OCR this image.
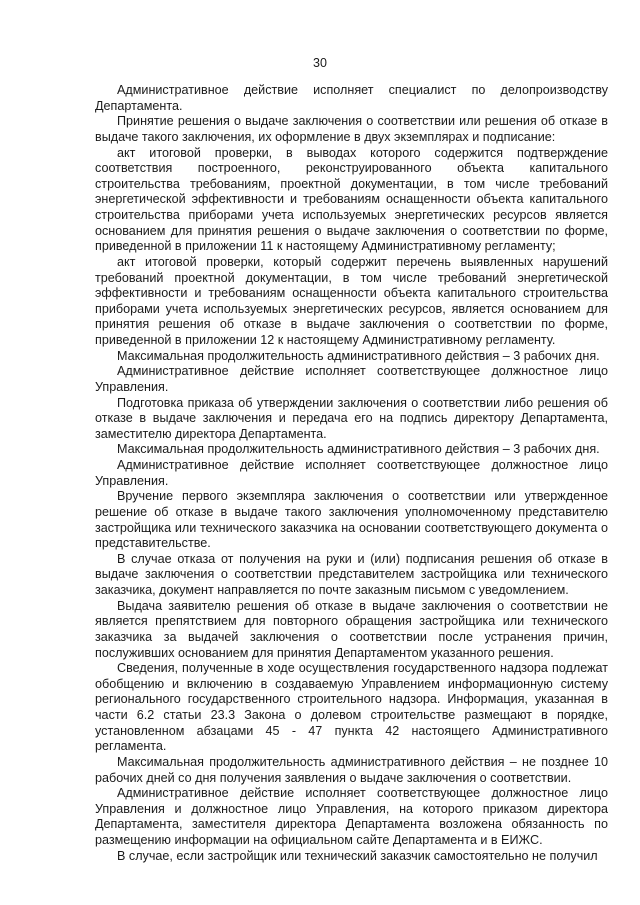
30

Административное действие исполняет специалист по делопроизводству Департамента.

Принятие решения о выдаче заключения о соответствии или решения об отказе в выдаче такого заключения, их оформление в двух экземплярах и подписание:

акт итоговой проверки, в выводах которого содержится подтверждение соответствия построенного, реконструированного объекта капитального строительства требованиям, проектной документации, в том числе требований энергетической эффективности и требованиям оснащенности объекта капитального строительства приборами учета используемых энергетических ресурсов является основанием для принятия решения о выдаче заключения о соответствии по форме, приведенной в приложении 11 к настоящему Административному регламенту;

акт итоговой проверки, который содержит перечень выявленных нарушений требований проектной документации, в том числе требований энергетической эффективности и требованиям оснащенности объекта капитального строительства приборами учета используемых энергетических ресурсов, является основанием для принятия решения об отказе в выдаче заключения о соответствии по форме, приведенной в приложении 12 к настоящему Административному регламенту.

Максимальная продолжительность административного действия – 3 рабочих дня.

Административное действие исполняет соответствующее должностное лицо Управления.

Подготовка приказа об утверждении заключения о соответствии либо решения об отказе в выдаче заключения и передача его на подпись директору Департамента, заместителю директора Департамента.

Максимальная продолжительность административного действия – 3 рабочих дня.

Административное действие исполняет соответствующее должностное лицо Управления.

Вручение первого экземпляра заключения о соответствии или утвержденное решение об отказе в выдаче такого заключения уполномоченному представителю застройщика или технического заказчика на основании соответствующего документа о представительстве.

В случае отказа от получения на руки и (или) подписания решения об отказе в выдаче заключения о соответствии представителем застройщика или технического заказчика, документ направляется по почте заказным письмом с уведомлением.

Выдача заявителю решения об отказе в выдаче заключения о соответствии не является препятствием для повторного обращения застройщика или технического заказчика за выдачей заключения о соответствии после устранения причин, послуживших основанием для принятия Департаментом указанного решения.

Сведения, полученные в ходе осуществления государственного надзора подлежат обобщению и включению в создаваемую Управлением информационную систему регионального государственного строительного надзора. Информация, указанная в части 6.2 статьи 23.3 Закона о долевом строительстве размещают в порядке, установленном абзацами 45 - 47 пункта 42 настоящего Административного регламента.

Максимальная продолжительность административного действия – не позднее 10 рабочих дней со дня получения заявления о выдаче заключения о соответствии.

Административное действие исполняет соответствующее должностное лицо Управления и должностное лицо Управления, на которого приказом директора Департамента, заместителя директора Департамента возложена обязанность по размещению информации на официальном сайте Департамента и в ЕИЖС.

В случае, если застройщик или технический заказчик самостоятельно не получил
